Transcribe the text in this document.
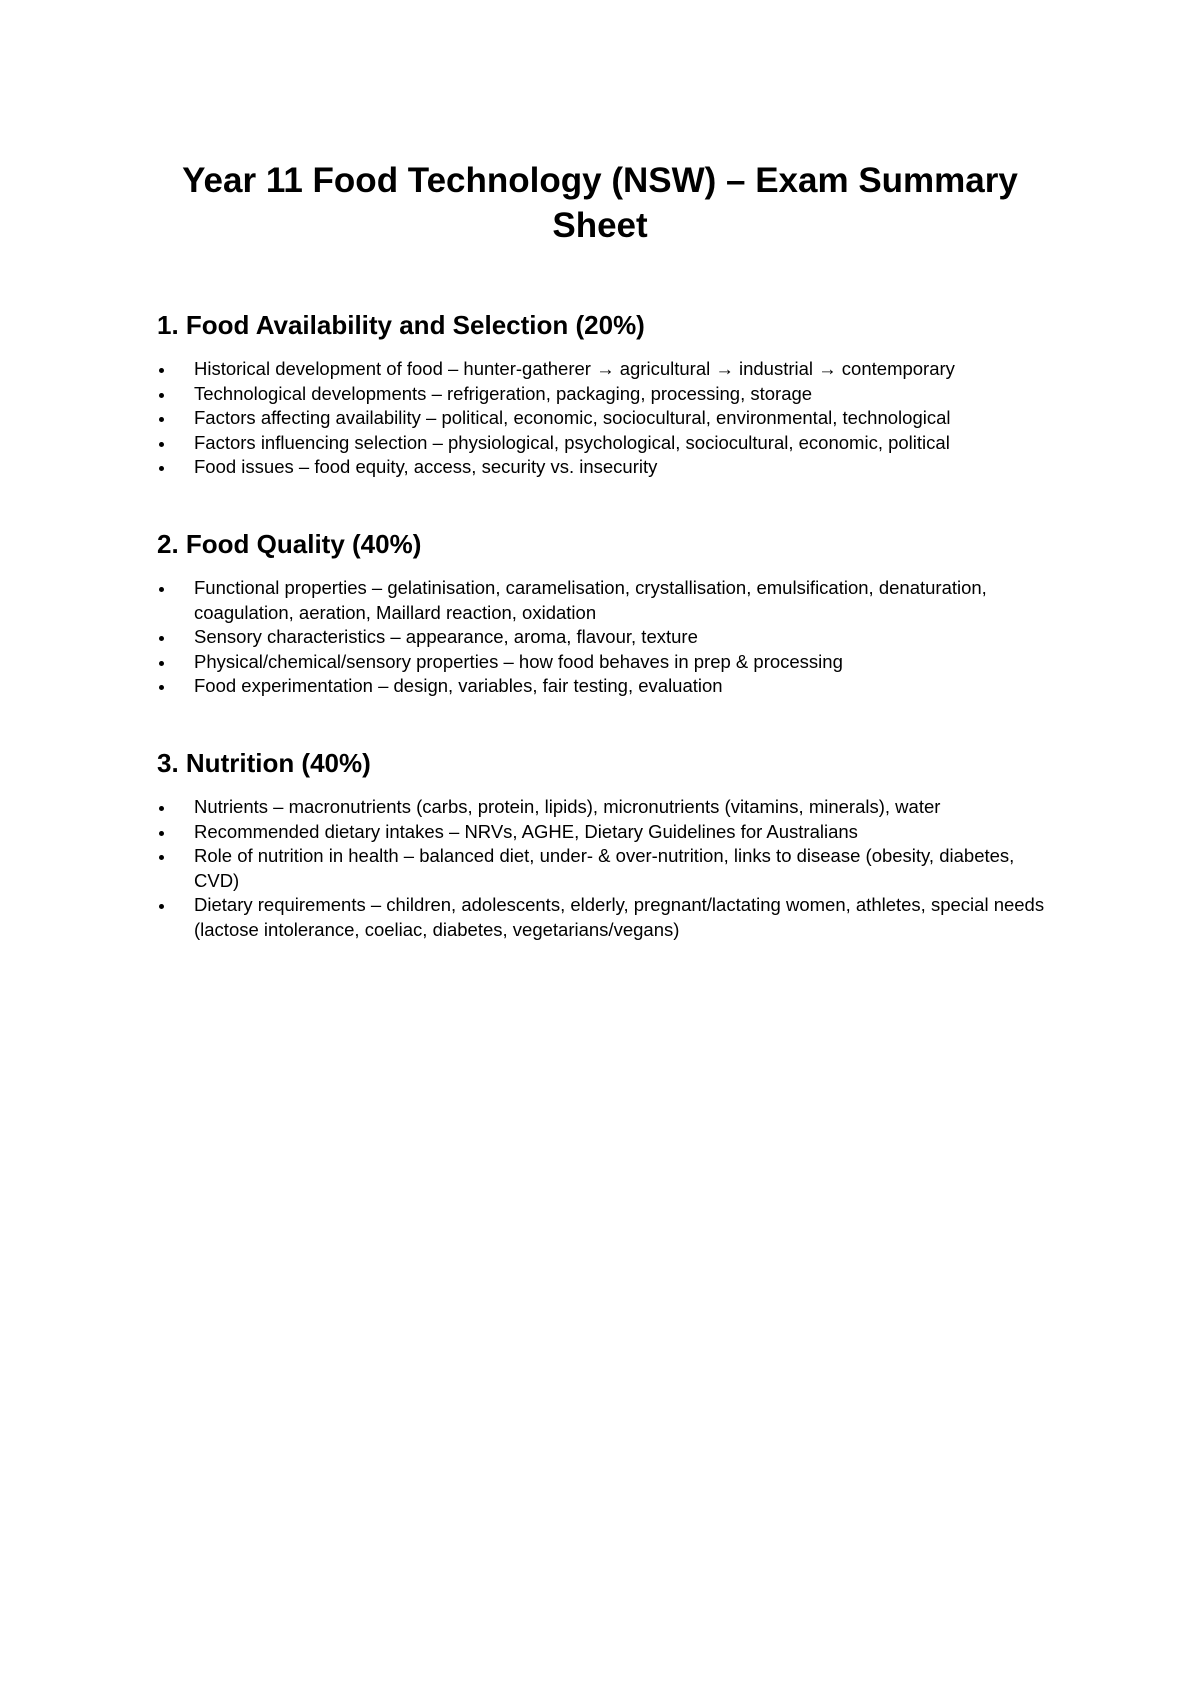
Year 11 Food Technology (NSW) – Exam Summary Sheet
1. Food Availability and Selection (20%)
Historical development of food – hunter-gatherer → agricultural → industrial → contemporary
Technological developments – refrigeration, packaging, processing, storage
Factors affecting availability – political, economic, sociocultural, environmental, technological
Factors influencing selection – physiological, psychological, sociocultural, economic, political
Food issues – food equity, access, security vs. insecurity
2. Food Quality (40%)
Functional properties – gelatinisation, caramelisation, crystallisation, emulsification, denaturation, coagulation, aeration, Maillard reaction, oxidation
Sensory characteristics – appearance, aroma, flavour, texture
Physical/chemical/sensory properties – how food behaves in prep & processing
Food experimentation – design, variables, fair testing, evaluation
3. Nutrition (40%)
Nutrients – macronutrients (carbs, protein, lipids), micronutrients (vitamins, minerals), water
Recommended dietary intakes – NRVs, AGHE, Dietary Guidelines for Australians
Role of nutrition in health – balanced diet, under- & over-nutrition, links to disease (obesity, diabetes, CVD)
Dietary requirements – children, adolescents, elderly, pregnant/lactating women, athletes, special needs (lactose intolerance, coeliac, diabetes, vegetarians/vegans)
